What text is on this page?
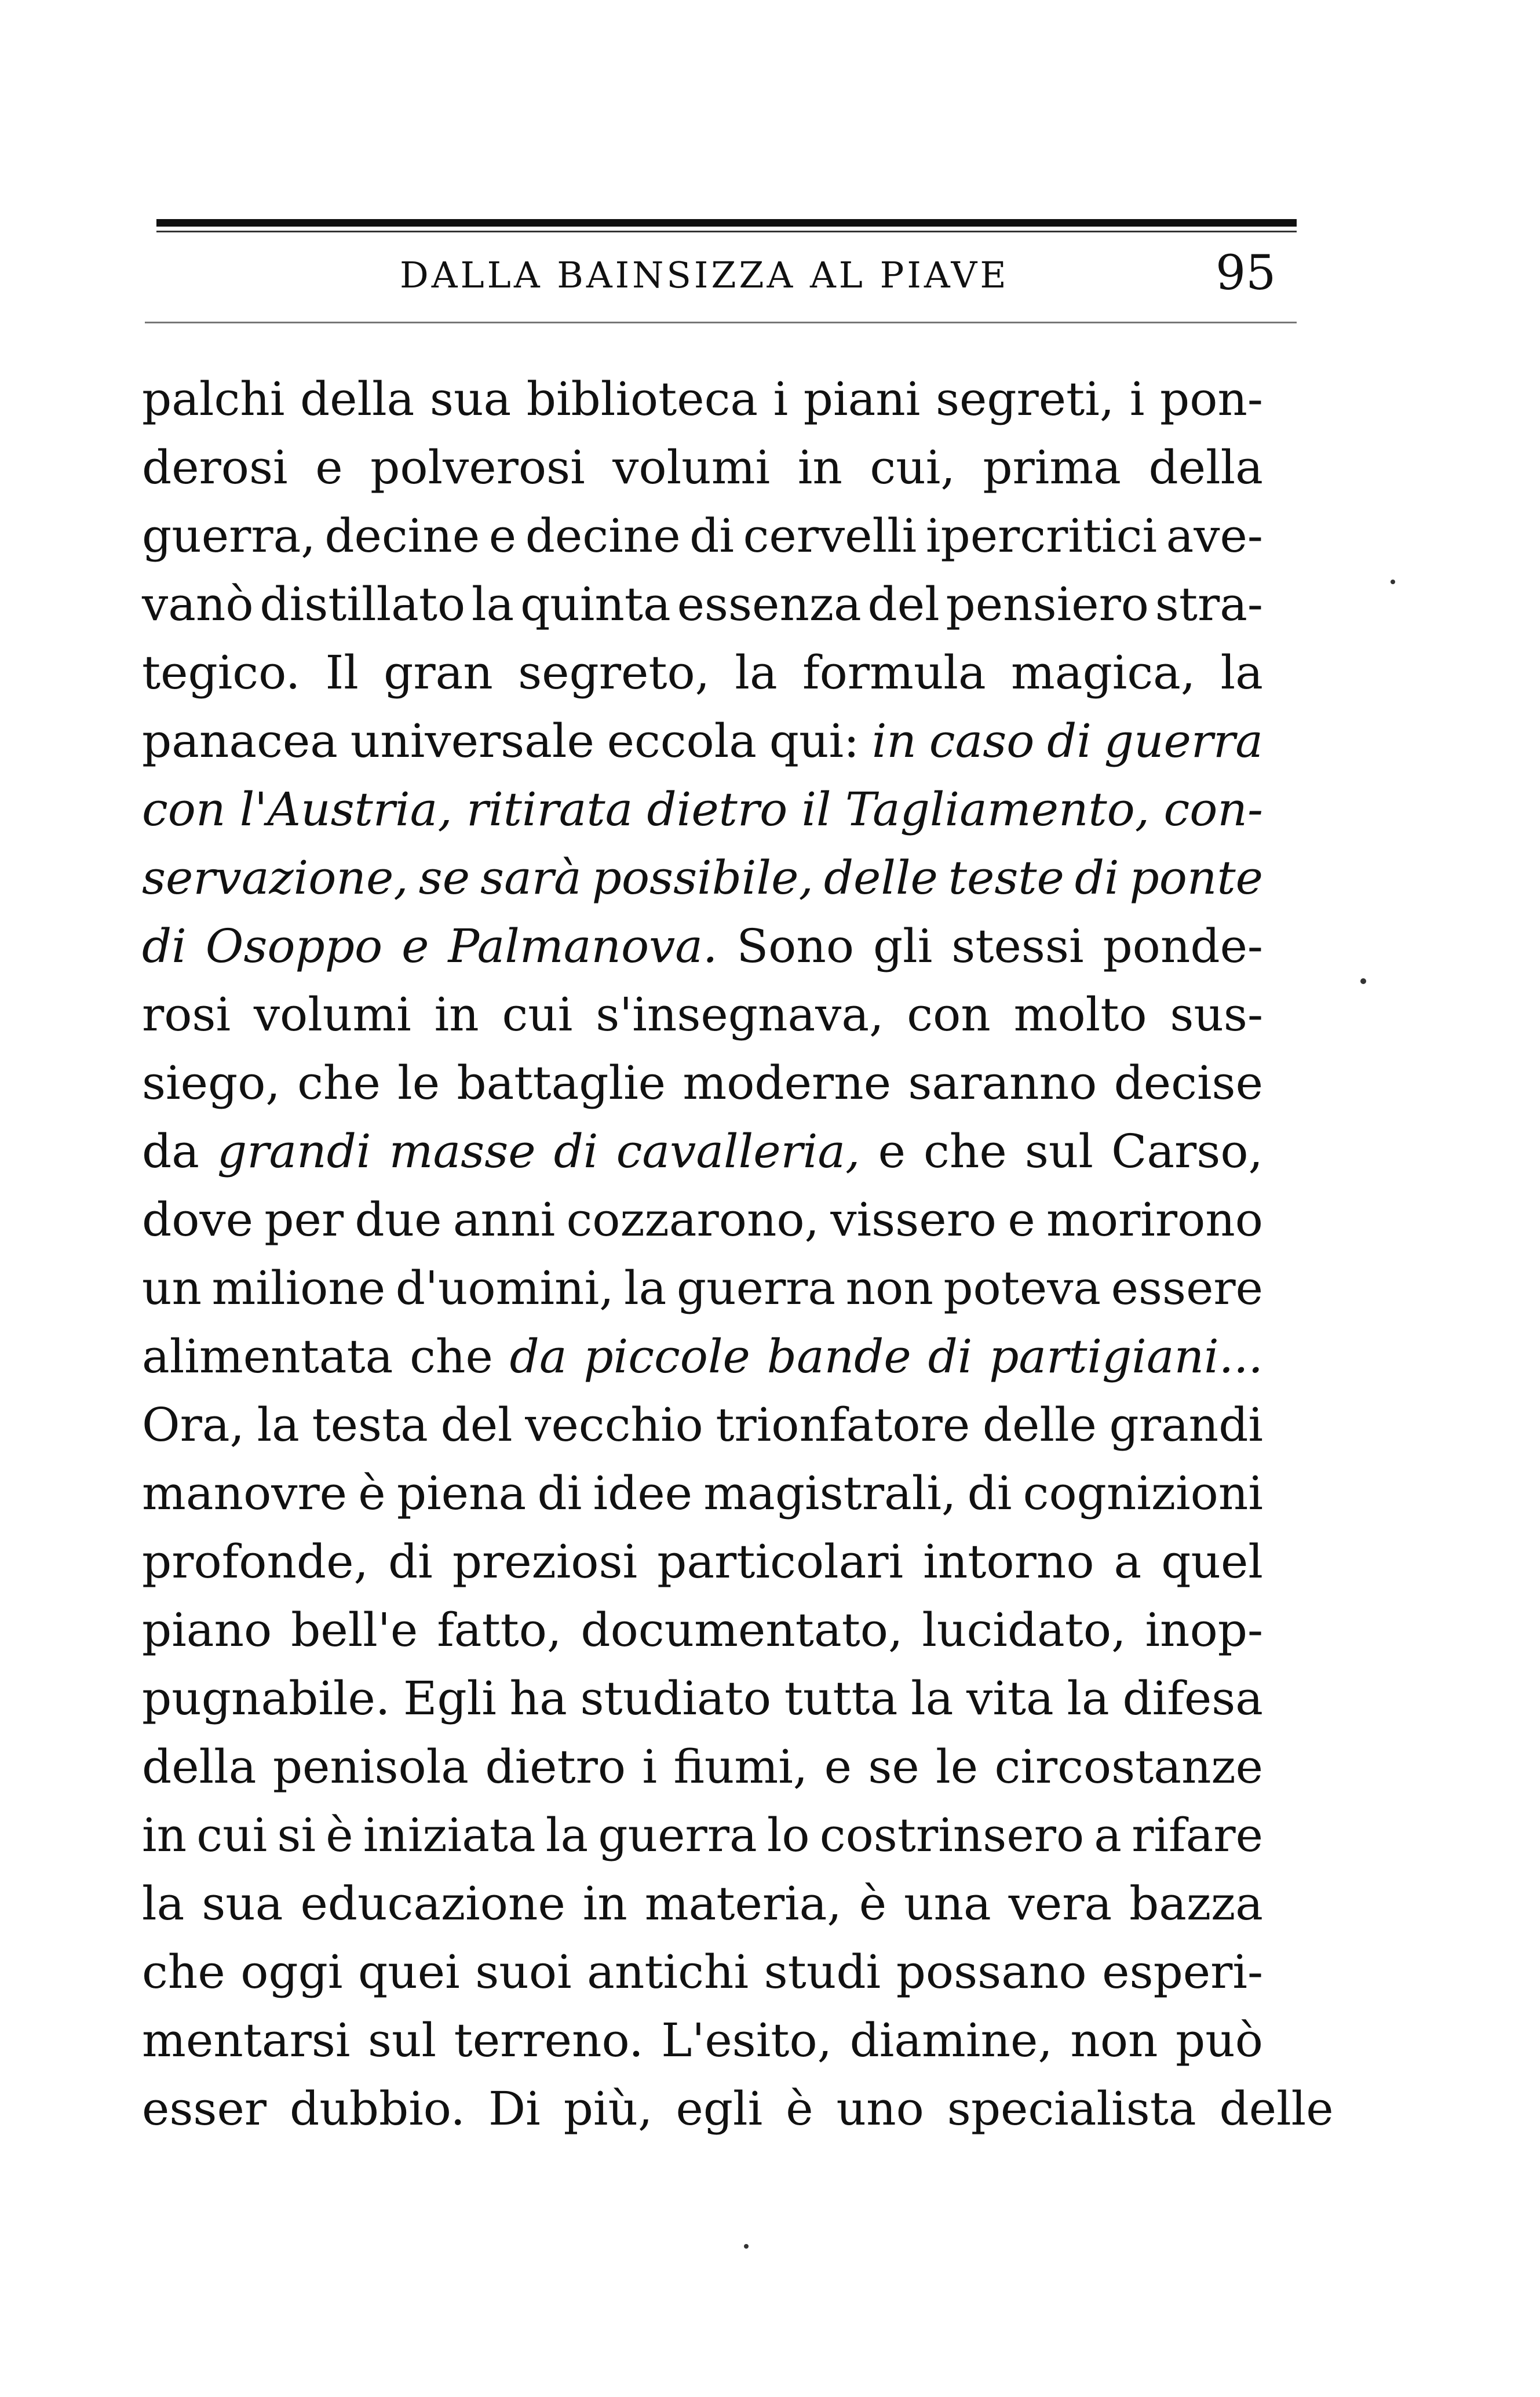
DALLA BAINSIZZA AL PIAVE	95
palchi della sua biblioteca i piani segreti, i pon-
derosi e polverosi volumi in cui, prima della
guerra, decine e decine di cervelli ipercritici ave-
vanò distillato la quinta essenza del pensiero stra-
tegico. Il gran segreto, la formula magica, la
panacea universale eccola qui: in caso di guerra
con l'Austria, ritirata dietro il Tagliamento, con-
servazione, se sarà possibile, delle teste di ponte
di Osoppo e Palmanova. Sono gli stessi ponde-
rosi volumi in cui s'insegnava, con molto sus-
siego, che le battaglie moderne saranno decise
da grandi masse di cavalleria, e che sul Carso,
dove per due anni cozzarono, vissero e morirono
un milione d'uomini, la guerra non poteva essere
alimentata che da piccole bande di partigiani...
Ora, la testa del vecchio trionfatore delle grandi
manovre è piena di idee magistrali, di cognizioni
profonde, di preziosi particolari intorno a quel
piano bell'e fatto, documentato, lucidato, inop-
pugnabile. Egli ha studiato tutta la vita la difesa
della penisola dietro i fiumi, e se le circostanze
in cui si è iniziata la guerra lo costrinsero a rifare
la sua educazione in materia, è una vera bazza
che oggi quei suoi antichi studi possano esperi-
mentarsi sul terreno. L'esito, diamine, non può
esser dubbio. Di più, egli è uno specialista delle
